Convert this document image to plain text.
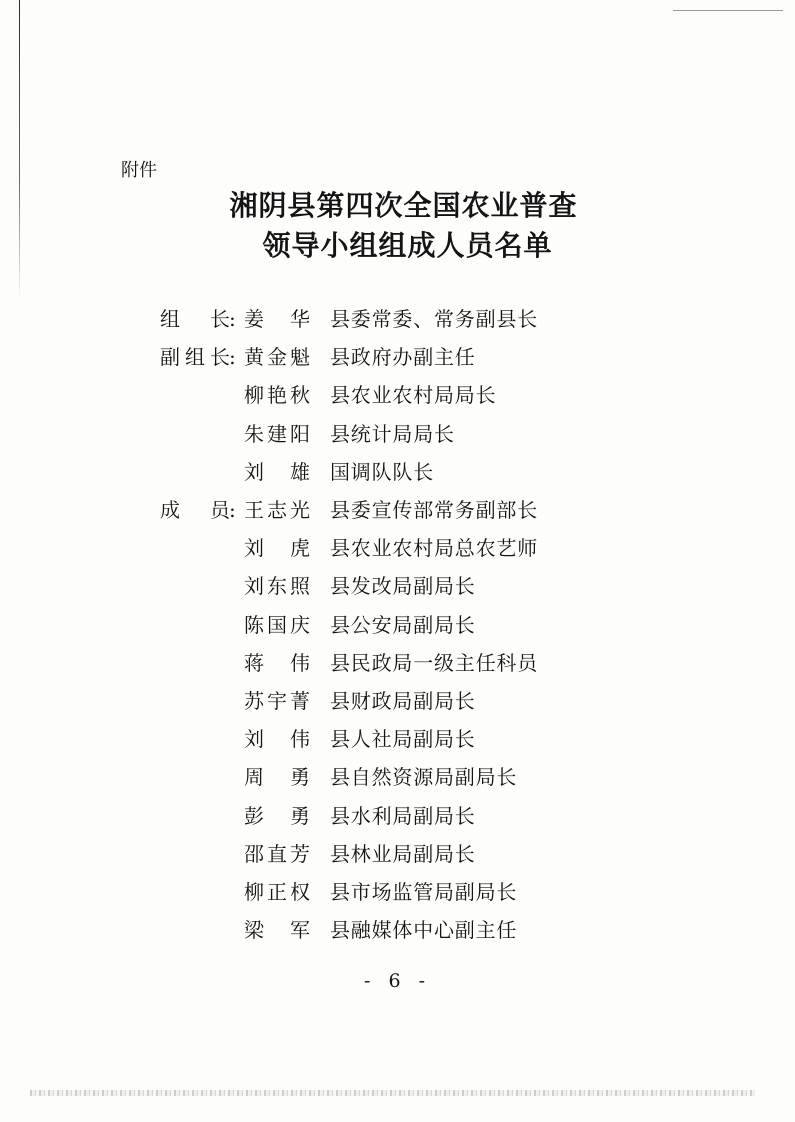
附件
湘阴县第四次全国农业普查
领导小组组成人员名单
组长 : 姜华 县委常委、常务副县长
副组长 : 黄金魁 县政府办副主任
柳艳秋 县农业农村局局长
朱建阳 县统计局局长
刘雄 国调队队长
成员 : 王志光 县委宣传部常务副部长
刘虎 县农业农村局总农艺师
刘东照 县发改局副局长
陈国庆 县公安局副局长
蒋伟 县民政局一级主任科员
苏宇菁 县财政局副局长
刘伟 县人社局副局长
周勇 县自然资源局副局长
彭勇 县水利局副局长
邵直芳 县林业局副局长
柳正权 县市场监管局副局长
梁军 县融媒体中心副主任
- 6 -
